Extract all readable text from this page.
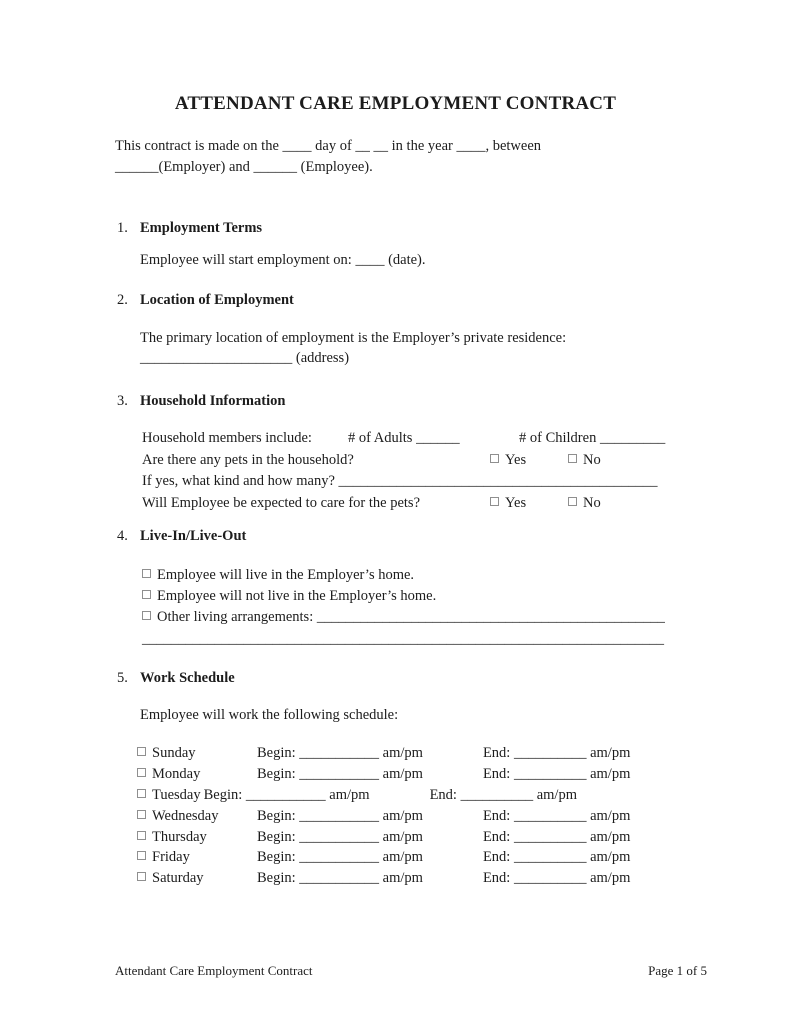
ATTENDANT CARE EMPLOYMENT CONTRACT
This contract is made on the ____ day of __ __ in the year ____, between
______(Employer) and ______ (Employee).
1. Employment Terms
Employee will start employment on: ____ (date).
2. Location of Employment
The primary location of employment is the Employer’s private residence:
_____________________ (address)
3. Household Information
Household members include: # of Adults ______	# of Children _________
Are there any pets in the household?	Yes	No
If yes, what kind and how many? ____________________________________________
Will Employee be expected to care for the pets?	Yes	No
4. Live-In/Live-Out
Employee will live in the Employer’s home.
Employee will not live in the Employer’s home.
Other living arrangements: ________________________________________________
________________________________________________________________________
5. Work Schedule
Employee will work the following schedule:
Sunday	Begin: ___________ am/pm	End: __________ am/pm
Monday	Begin: ___________ am/pm	End: __________ am/pm
Tuesday Begin: ___________ am/pm	End: __________ am/pm
Wednesday	Begin: ___________ am/pm	End: __________ am/pm
Thursday	Begin: ___________ am/pm	End: __________ am/pm
Friday	Begin: ___________ am/pm	End: __________ am/pm
Saturday	Begin: ___________ am/pm	End: __________ am/pm
Attendant Care Employment Contract	Page 1 of 5
